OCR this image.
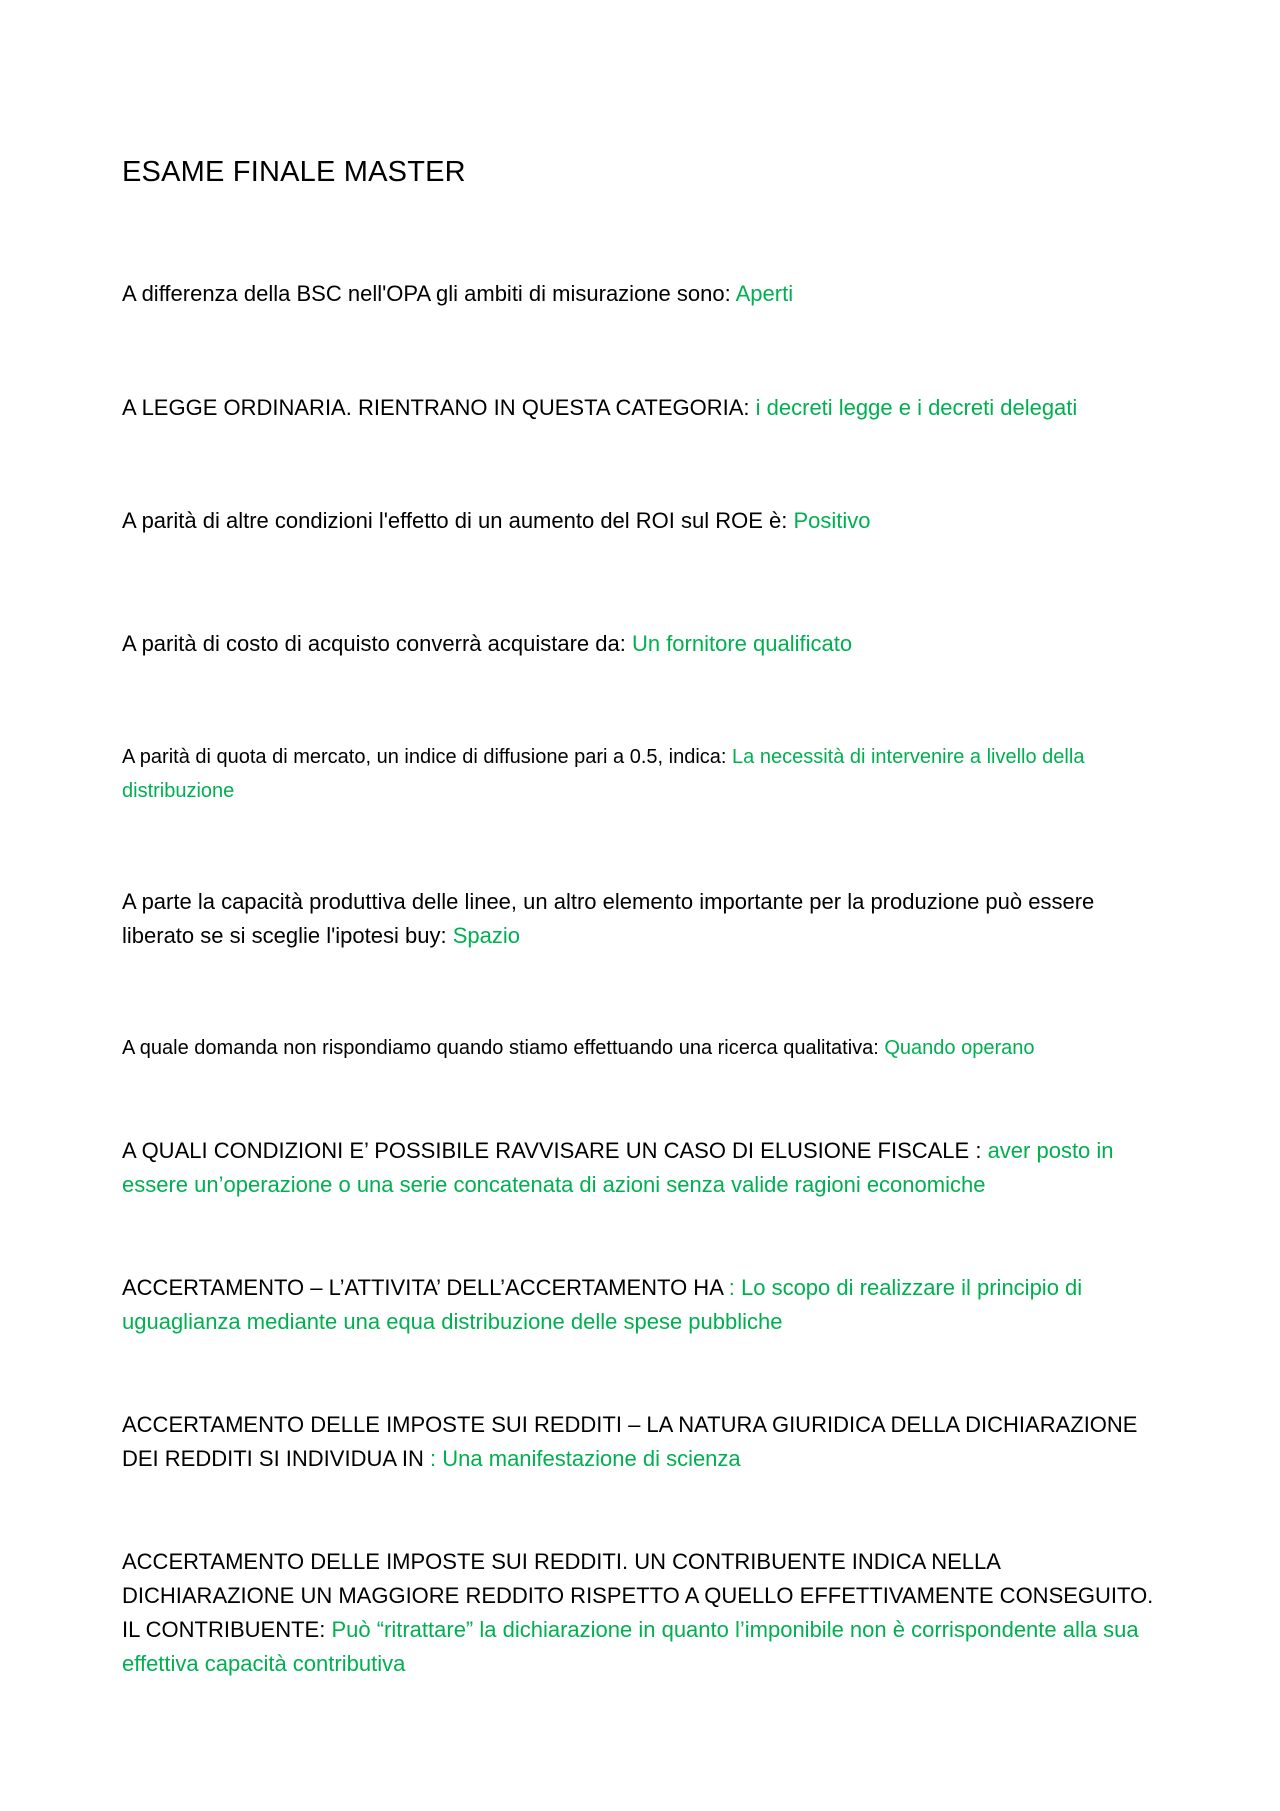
ESAME FINALE MASTER

A differenza della BSC nell'OPA gli ambiti di misurazione sono: Aperti

A LEGGE ORDINARIA. RIENTRANO IN QUESTA CATEGORIA: i decreti legge e i decreti delegati

A parità di altre condizioni l'effetto di un aumento del ROI sul ROE è: Positivo

A parità di costo di acquisto converrà acquistare da: Un fornitore qualificato

A parità di quota di mercato, un indice di diffusione pari a 0.5, indica: La necessità di intervenire a livello della distribuzione

A parte la capacità produttiva delle linee, un altro elemento importante per la produzione può essere liberato se si sceglie l'ipotesi buy: Spazio

A quale domanda non rispondiamo quando stiamo effettuando una ricerca qualitativa: Quando operano

A QUALI CONDIZIONI E’ POSSIBILE RAVVISARE UN CASO DI ELUSIONE FISCALE : aver posto in essere un’operazione o una serie concatenata di azioni senza valide ragioni economiche

ACCERTAMENTO – L’ATTIVITA’ DELL’ACCERTAMENTO HA : Lo scopo di realizzare il principio di uguaglianza mediante una equa distribuzione delle spese pubbliche

ACCERTAMENTO DELLE IMPOSTE SUI REDDITI – LA NATURA GIURIDICA DELLA DICHIARAZIONE DEI REDDITI SI INDIVIDUA IN : Una manifestazione di scienza

ACCERTAMENTO DELLE IMPOSTE SUI REDDITI. UN CONTRIBUENTE INDICA NELLA DICHIARAZIONE UN MAGGIORE REDDITO RISPETTO A QUELLO EFFETTIVAMENTE CONSEGUITO. IL CONTRIBUENTE: Può “ritrattare” la dichiarazione in quanto l’imponibile non è corrispondente alla sua effettiva capacità contributiva
